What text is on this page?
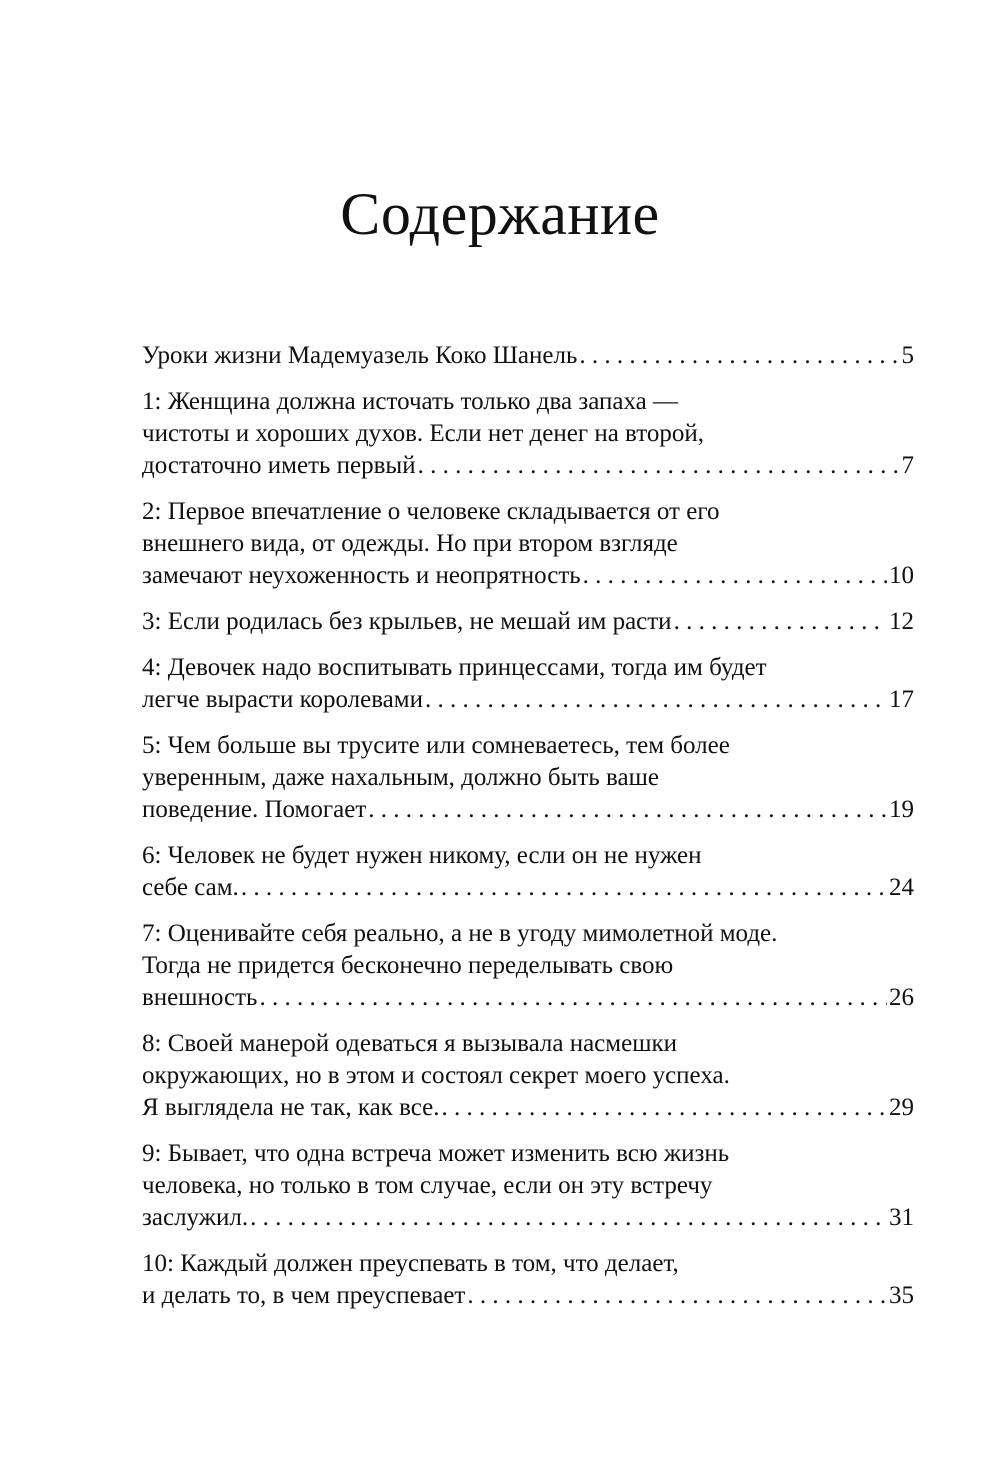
Содержание
Уроки жизни Мадемуазель Коко Шанель . . .	5
1: Женщина должна источать только два запаха —
чистоты и хороших духов. Если нет денег на второй,
достаточно иметь первый . . .	7
2: Первое впечатление о человеке складывается от его
внешнего вида, от одежды. Но при втором взгляде
замечают неухоженность и неопрятность . . .	10
3: Если родилась без крыльев, не мешай им расти . . .	12
4: Девочек надо воспитывать принцессами, тогда им будет
легче вырасти королевами . . .	17
5: Чем больше вы трусите или сомневаетесь, тем более
уверенным, даже нахальным, должно быть ваше
поведение. Помогает . . .	19
6: Человек не будет нужен никому, если он не нужен
себе сам. . . .	24
7: Оценивайте себя реально, а не в угоду мимолетной моде.
Тогда не придется бесконечно переделывать свою
внешность . . .	26
8: Своей манерой одеваться я вызывала насмешки
окружающих, но в этом и состоял секрет моего успеха.
Я выглядела не так, как все. . . .	29
9: Бывает, что одна встреча может изменить всю жизнь
человека, но только в том случае, если он эту встречу
заслужил. . . .	31
10: Каждый должен преуспевать в том, что делает,
и делать то, в чем преуспевает . . .	35
